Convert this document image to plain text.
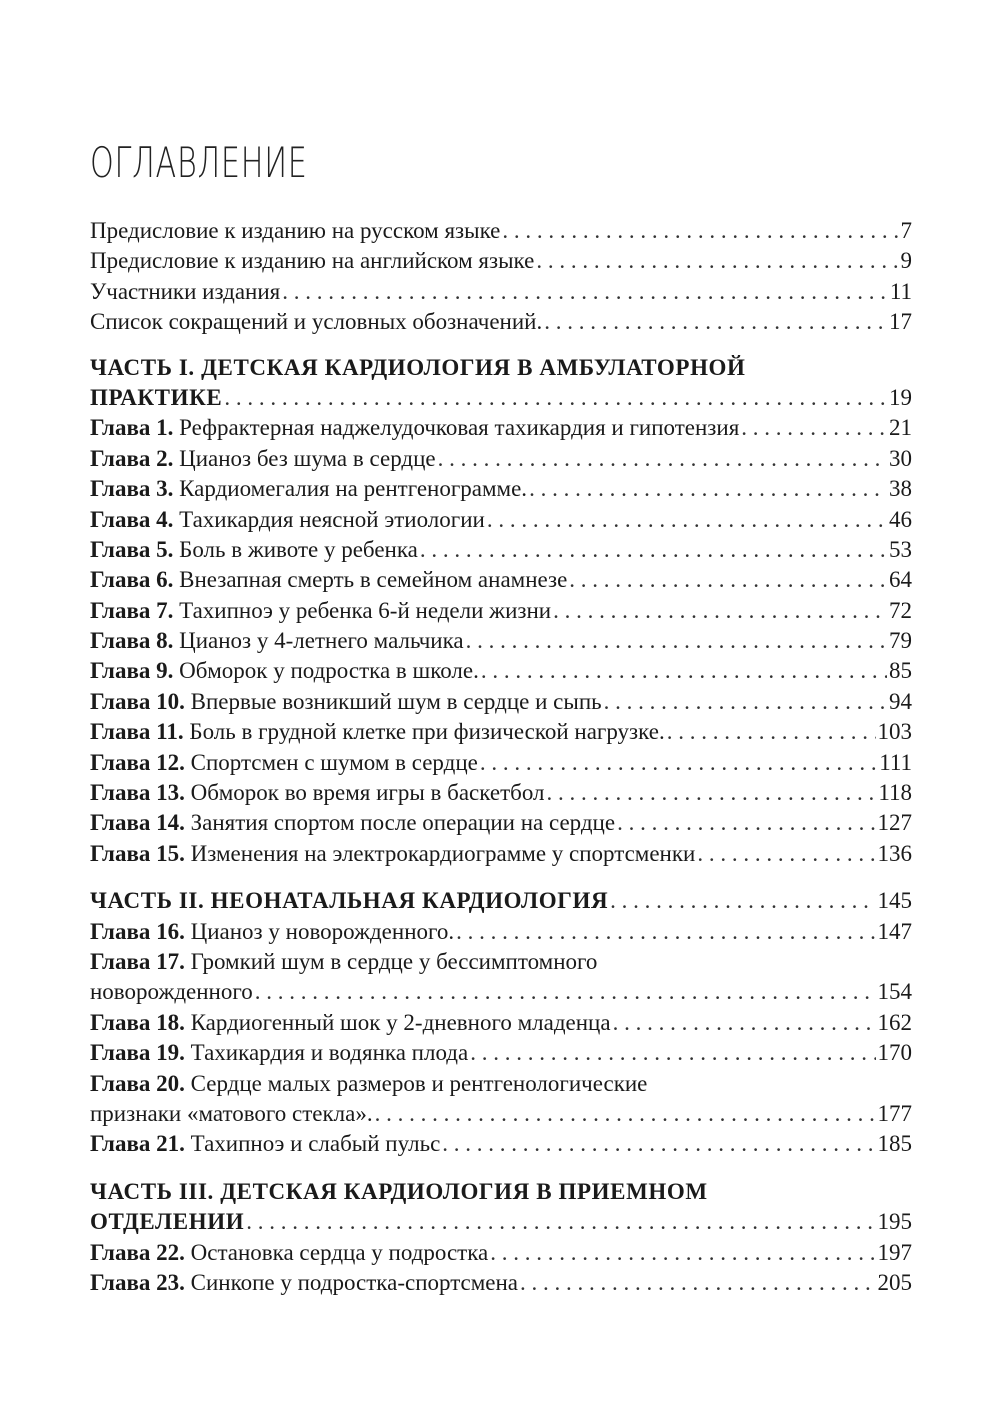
ОГЛАВЛЕНИЕ
Предисловие к изданию на русском языке . . .	7
Предисловие к изданию на английском языке . . .	9
Участники издания . . .	11
Список сокращений и условных обозначений. . . .	17
ЧАСТЬ I. ДЕТСКАЯ КАРДИОЛОГИЯ В АМБУЛАТОРНОЙ
ПРАКТИКЕ . . .	19
Глава 1. Рефрактерная наджелудочковая тахикардия и гипотензия . . .	21
Глава 2. Цианоз без шума в сердце . . .	30
Глава 3. Кардиомегалия на рентгенограмме. . . .	38
Глава 4. Тахикардия неясной этиологии . . .	46
Глава 5. Боль в животе у ребенка . . .	53
Глава 6. Внезапная смерть в семейном анамнезе . . .	64
Глава 7. Тахипноэ у ребенка 6-й недели жизни . . .	72
Глава 8. Цианоз у 4-летнего мальчика . . .	79
Глава 9. Обморок у подростка в школе. . . .	85
Глава 10. Впервые возникший шум в сердце и сыпь . . .	94
Глава 11. Боль в грудной клетке при физической нагрузке. . . .	103
Глава 12. Спортсмен с шумом в сердце . . .	111
Глава 13. Обморок во время игры в баскетбол . . .	118
Глава 14. Занятия спортом после операции на сердце . . .	127
Глава 15. Изменения на электрокардиограмме у спортсменки . . .	136
ЧАСТЬ II. НЕОНАТАЛЬНАЯ КАРДИОЛОГИЯ . . .	145
Глава 16. Цианоз у новорожденного. . . .	147
Глава 17. Громкий шум в сердце у бессимптомного
новорожденного . . .	154
Глава 18. Кардиогенный шок у 2-дневного младенца . . .	162
Глава 19. Тахикардия и водянка плода . . .	170
Глава 20. Сердце малых размеров и рентгенологические
признаки «матового стекла». . . .	177
Глава 21. Тахипноэ и слабый пульс . . .	185
ЧАСТЬ III. ДЕТСКАЯ КАРДИОЛОГИЯ В ПРИЕМНОМ
ОТДЕЛЕНИИ . . .	195
Глава 22. Остановка сердца у подростка . . .	197
Глава 23. Синкопе у подростка-спортсмена . . .	205
